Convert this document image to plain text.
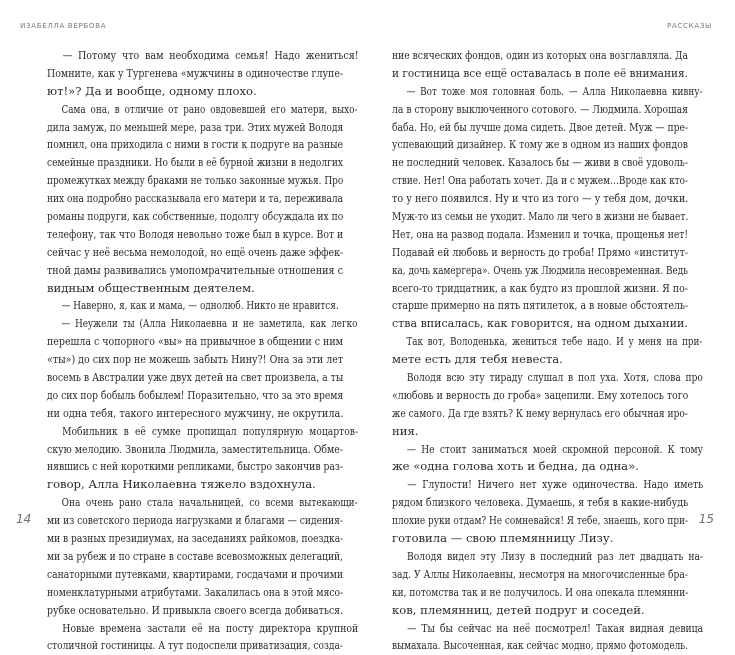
ИЗАБЕЛЛА ВЕРБОВА
— Потому что вам необходима семья! Надо жениться!
Помните, как у Тургенева «мужчины в одиночестве глупе-
ют!»? Да и вообще, одному плохо.
Сама она, в отличие от рано овдовевшей его матери, выхо-
дила замуж, по меньшей мере, раза три. Этих мужей Володя
помнил, она приходила с ними в гости к подруге на разные
семейные праздники. Но были в её бурной жизни в недолгих
промежутках между браками не только законные мужья. Про
них она подробно рассказывала его матери и та, переживала
романы подруги, как собственные, подолгу обсуждала их по
телефону, так что Володя невольно тоже был в курсе. Вот и
сейчас у неё весьма немолодой, но ещё очень даже эффек-
тной дамы развивались умопомрачительные отношения с
видным общественным деятелем.
— Наверно, я, как и мама, — однолюб. Никто не нравится.
— Неужели ты (Алла Николаевна и не заметила, как легко
перешла с чопорного «вы» на привычное в общении с ним
«ты») до сих пор не можешь забыть Нину?! Она за эти лет
восемь в Австралии уже двух детей на свет произвела, а ты
до сих пор бобыль бобылем! Поразительно, что за это время
ни одна тебя, такого интересного мужчину, не окрутила.
Мобильник в её сумке пропищал популярную моцартов-
скую мелодию. Звонила Людмила, заместительница. Обме-
нявшись с ней короткими репликами, быстро закончив раз-
говор, Алла Николаевна тяжело вздохнула.
Она очень рано стала начальницей, со всеми вытекающи-
ми из советского периода нагрузками и благами — сидения-
ми в разных президиумах, на заседаниях райкомов, поездка-
ми за рубеж и по стране в составе всевозможных делегаций,
санаторными путевками, квартирами, госдачами и прочими
номенклатурными атрибутами. Закалилась она в этой мясо-
рубке основательно. И привыкла своего всегда добиваться.
Новые времена застали её на посту директора крупной
столичной гостиницы. А тут подоспели приватизация, созда-
14
РАССКАЗЫ
ние всяческих фондов, один из которых она возглавляла. Да
и гостиница все ещё оставалась в поле её внимания.
— Вот тоже моя головная боль. — Алла Николаевна кивну-
ла в сторону выключенного сотового. — Людмила. Хорошая
баба. Но, ей бы лучше дома сидеть. Двое детей. Муж — пре-
успевающий дизайнер. К тому же в одном из наших фондов
не последний человек. Казалось бы — живи в своё удоволь-
ствие. Нет! Она работать хочет. Да и с мужем…Вроде как кто-
то у него появился. Ну и что из того — у тебя дом, дочки.
Муж-то из семьи не уходит. Мало ли чего в жизни не бывает.
Нет, она на развод подала. Изменил и точка, прощенья нет!
Подавай ей любовь и верность до гроба! Прямо «институт-
ка, дочь камергера». Очень уж Людмила несовременная. Ведь
всего-то тридцатник, а как будто из прошлой жизни. Я по-
старше примерно на пять пятилеток, а в новые обстоятель-
ства вписалась, как говорится, на одном дыхании.
Так вот, Володенька, жениться тебе надо. И у меня на при-
мете есть для тебя невеста.
Володя всю эту тираду слушал в пол уха. Хотя, слова про
«любовь и верность до гроба» зацепили. Ему хотелось того
же самого. Да где взять? К нему вернулась его обычная иро-
ния.
— Не стоит заниматься моей скромной персоной. К тому
же «одна голова хоть и бедна, да одна».
— Глупости! Ничего нет хуже одиночества. Надо иметь
рядом близкого человека. Думаешь, я тебя в какие-нибудь
плохие руки отдам? Не сомневайся! Я тебе, знаешь, кого при-
готовила — свою племянницу Лизу.
Володя видел эту Лизу в последний раз лет двадцать на-
зад. У Аллы Николаевны, несмотря на многочисленные бра-
ки, потомства так и не получилось. И она опекала племянни-
ков, племянниц, детей подруг и соседей.
— Ты бы сейчас на неё посмотрел! Такая видная девица
вымахала. Высоченная, как сейчас модно, прямо фотомодель.
15
